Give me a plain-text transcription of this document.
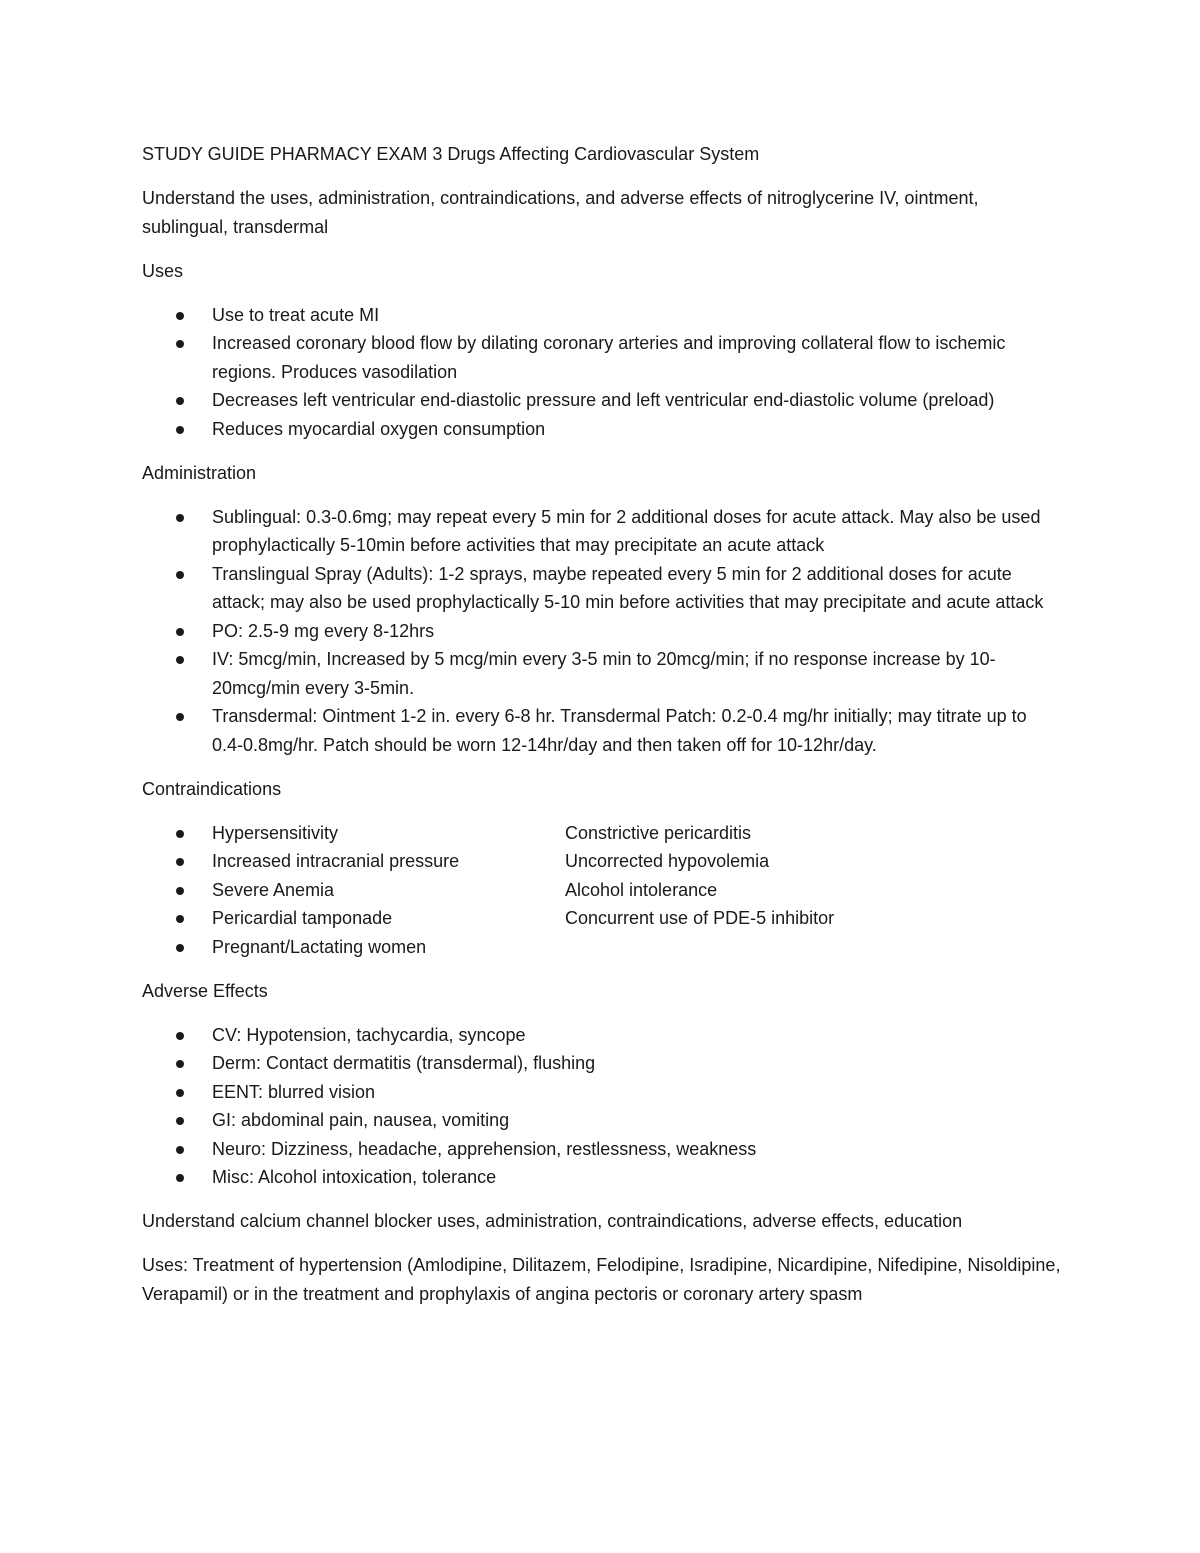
STUDY GUIDE PHARMACY EXAM 3 Drugs Affecting Cardiovascular System

Understand the uses, administration, contraindications, and adverse effects of nitroglycerine IV, ointment, sublingual, transdermal

Uses

Use to treat acute MI
Increased coronary blood flow by dilating coronary arteries and improving collateral flow to ischemic regions. Produces vasodilation
Decreases left ventricular end-diastolic pressure and left ventricular end-diastolic volume (preload)
Reduces myocardial oxygen consumption

Administration

Sublingual: 0.3-0.6mg; may repeat every 5 min for 2 additional doses for acute attack. May also be used prophylactically 5-10min before activities that may precipitate an acute attack
Translingual Spray (Adults): 1-2 sprays, maybe repeated every 5 min for 2 additional doses for acute attack; may also be used prophylactically 5-10 min before activities that may precipitate and acute attack
PO: 2.5-9 mg every 8-12hrs
IV: 5mcg/min, Increased by 5 mcg/min every 3-5 min to 20mcg/min; if no response increase by 10-20mcg/min every 3-5min.
Transdermal: Ointment 1-2 in. every 6-8 hr. Transdermal Patch: 0.2-0.4 mg/hr initially; may titrate up to 0.4-0.8mg/hr. Patch should be worn 12-14hr/day and then taken off for 10-12hr/day.

Contraindications

Hypersensitivity	Constrictive pericarditis
Increased intracranial pressure	Uncorrected hypovolemia
Severe Anemia	Alcohol intolerance
Pericardial tamponade	Concurrent use of PDE-5 inhibitor
Pregnant/Lactating women

Adverse Effects

CV: Hypotension, tachycardia, syncope
Derm: Contact dermatitis (transdermal), flushing
EENT: blurred vision
GI: abdominal pain, nausea, vomiting
Neuro: Dizziness, headache, apprehension, restlessness, weakness
Misc: Alcohol intoxication, tolerance

Understand calcium channel blocker uses, administration, contraindications, adverse effects, education

Uses: Treatment of hypertension (Amlodipine, Dilitazem, Felodipine, Isradipine, Nicardipine, Nifedipine, Nisoldipine, Verapamil) or in the treatment and prophylaxis of angina pectoris or coronary artery spasm
